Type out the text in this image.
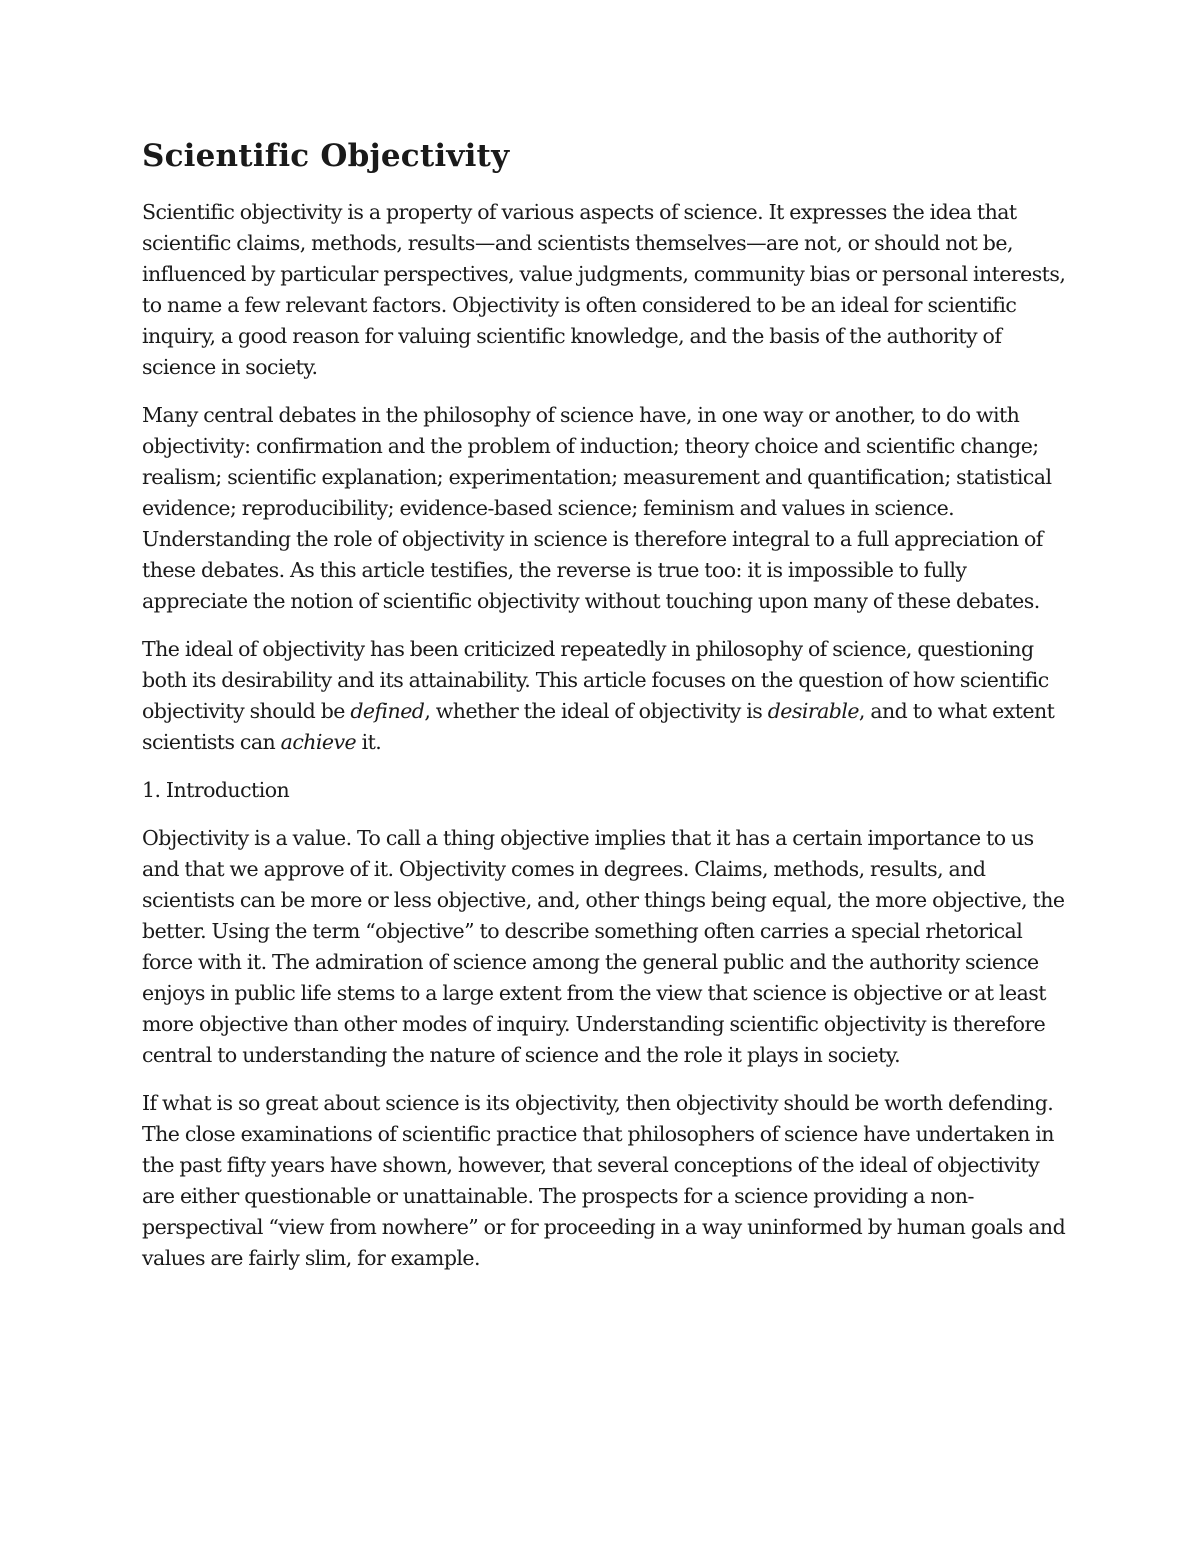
Scientific Objectivity

Scientific objectivity is a property of various aspects of science. It expresses the idea that scientific claims, methods, results—and scientists themselves—are not, or should not be, influenced by particular perspectives, value judgments, community bias or personal interests, to name a few relevant factors. Objectivity is often considered to be an ideal for scientific inquiry, a good reason for valuing scientific knowledge, and the basis of the authority of science in society.

Many central debates in the philosophy of science have, in one way or another, to do with objectivity: confirmation and the problem of induction; theory choice and scientific change; realism; scientific explanation; experimentation; measurement and quantification; statistical evidence; reproducibility; evidence-based science; feminism and values in science. Understanding the role of objectivity in science is therefore integral to a full appreciation of these debates. As this article testifies, the reverse is true too: it is impossible to fully appreciate the notion of scientific objectivity without touching upon many of these debates.

The ideal of objectivity has been criticized repeatedly in philosophy of science, questioning both its desirability and its attainability. This article focuses on the question of how scientific objectivity should be defined, whether the ideal of objectivity is desirable, and to what extent scientists can achieve it.

1. Introduction

Objectivity is a value. To call a thing objective implies that it has a certain importance to us and that we approve of it. Objectivity comes in degrees. Claims, methods, results, and scientists can be more or less objective, and, other things being equal, the more objective, the better. Using the term “objective” to describe something often carries a special rhetorical force with it. The admiration of science among the general public and the authority science enjoys in public life stems to a large extent from the view that science is objective or at least more objective than other modes of inquiry. Understanding scientific objectivity is therefore central to understanding the nature of science and the role it plays in society.

If what is so great about science is its objectivity, then objectivity should be worth defending. The close examinations of scientific practice that philosophers of science have undertaken in the past fifty years have shown, however, that several conceptions of the ideal of objectivity are either questionable or unattainable. The prospects for a science providing a non-perspectival “view from nowhere” or for proceeding in a way uninformed by human goals and values are fairly slim, for example.
